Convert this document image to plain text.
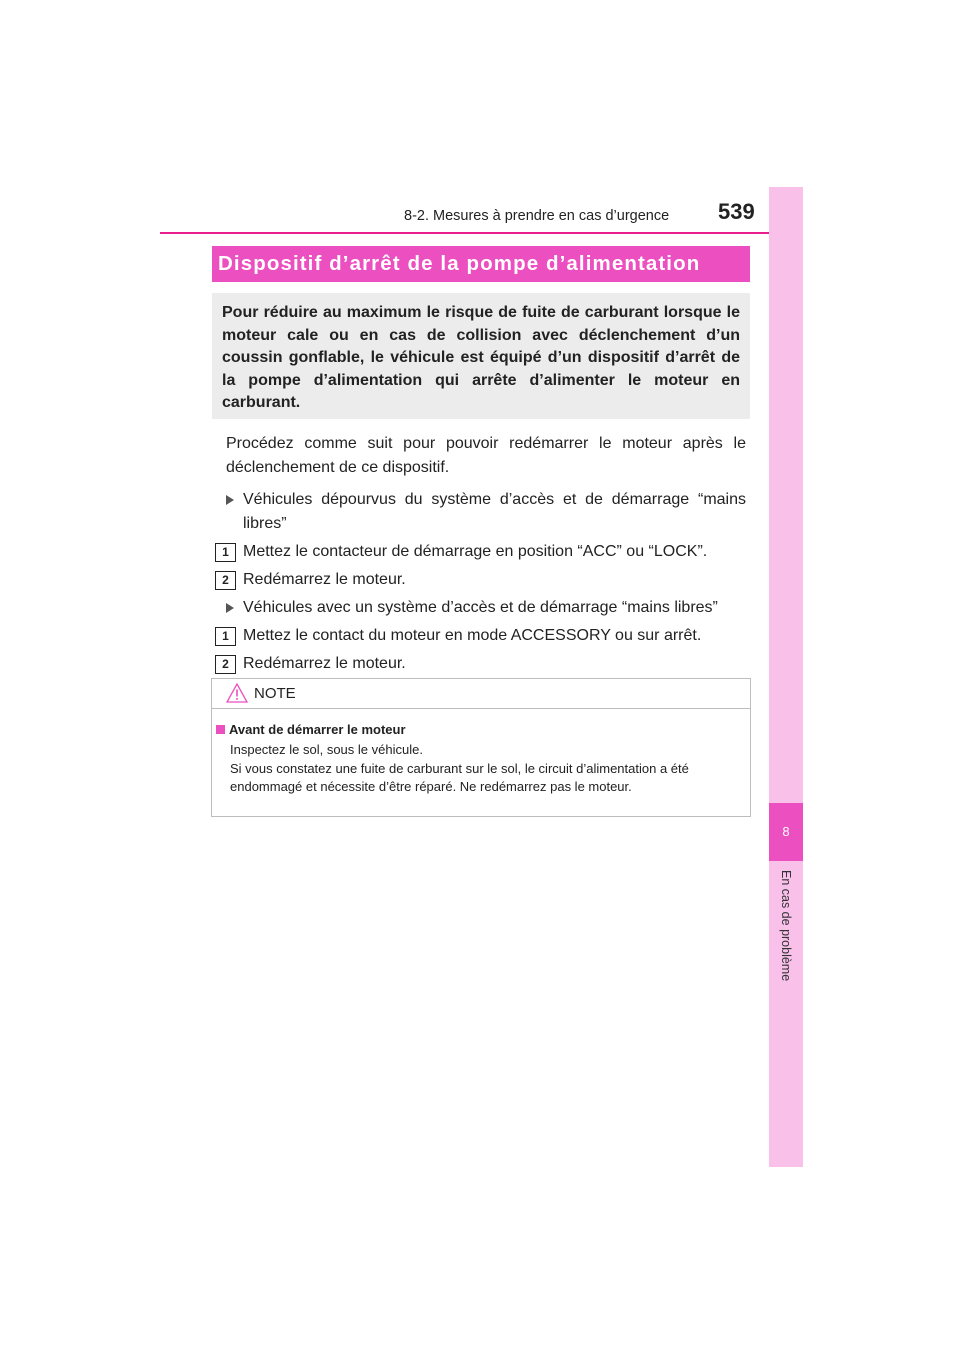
8-2. Mesures à prendre en cas d’urgence 539
8
En cas de problème
Dispositif d’arrêt de la pompe d’alimentation

Pour réduire au maximum le risque de fuite de carburant lorsque le moteur cale ou en cas de collision avec déclenchement d’un coussin gonflable, le véhicule est équipé d’un dispositif d’arrêt de la pompe d’alimentation qui arrête d’alimenter le moteur en carburant.

Procédez comme suit pour pouvoir redémarrer le moteur après le déclenchement de ce dispositif.

Véhicules dépourvus du système d’accès et de démarrage “mains libres”
1 Mettez le contacteur de démarrage en position “ACC” ou “LOCK”.
2 Redémarrez le moteur.
Véhicules avec un système d’accès et de démarrage “mains libres”
1 Mettez le contact du moteur en mode ACCESSORY ou sur arrêt.
2 Redémarrez le moteur.
NOTE
Avant de démarrer le moteur

Inspectez le sol, sous le véhicule.
Si vous constatez une fuite de carburant sur le sol, le circuit d’alimentation a été endommagé et nécessite d’être réparé. Ne redémarrez pas le moteur.
